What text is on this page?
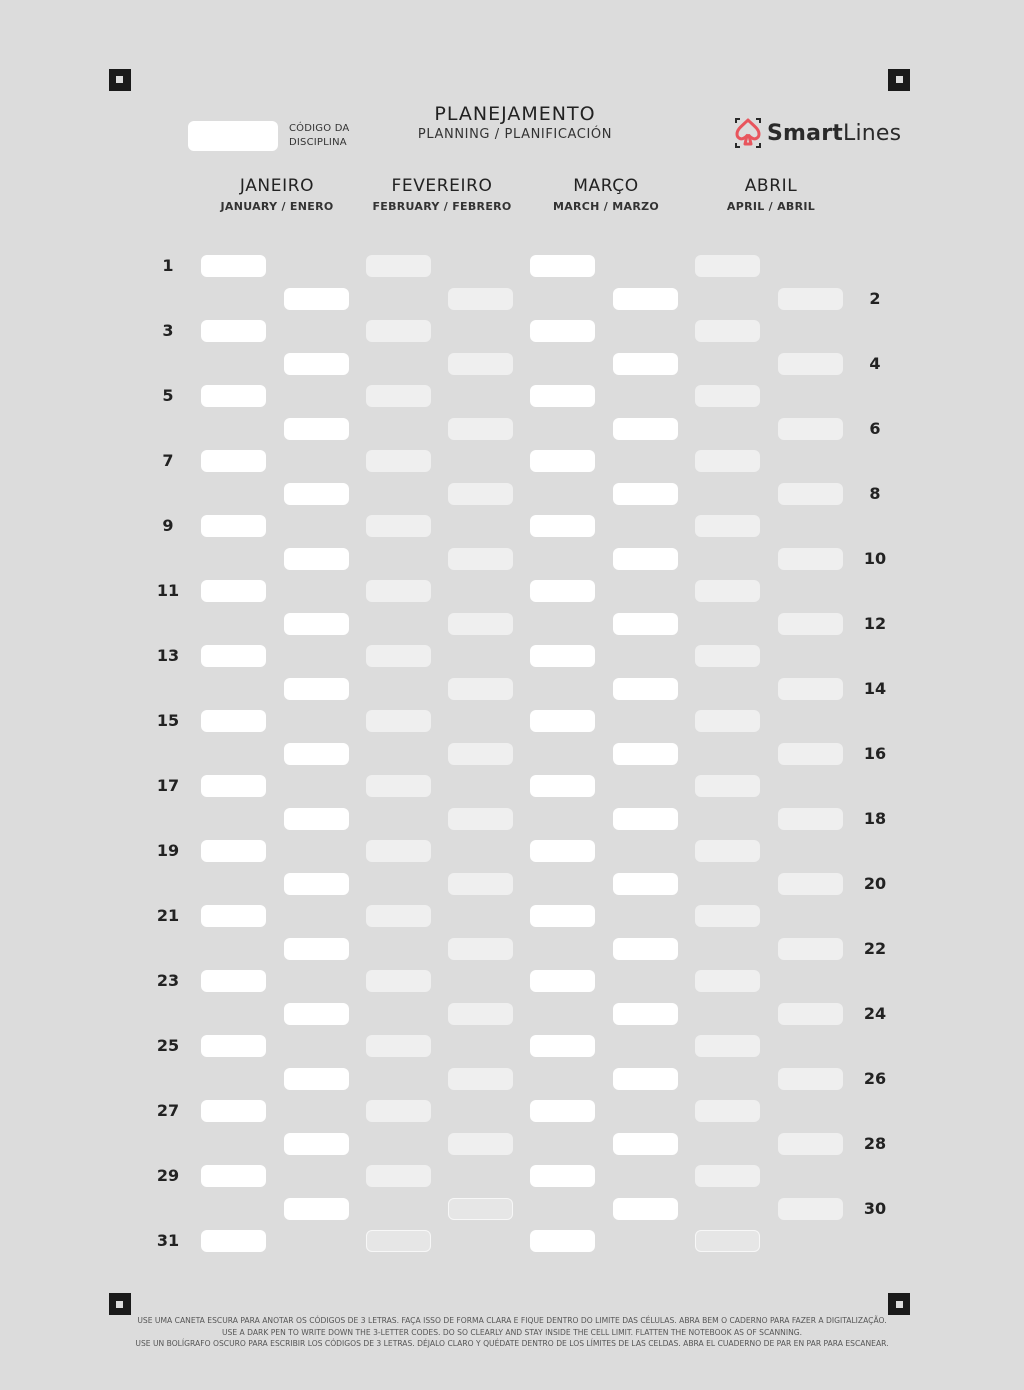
CÓDIGO DA
DISCIPLINA
PLANEJAMENTO
PLANNING / PLANIFICACIÓN	SmartLines
JANEIRO
JANUARY / ENERO
FEVEREIRO
FEBRUARY / FEBRERO
MARÇO
MARCH / MARZO
ABRIL
APRIL / ABRIL
1
2
3
4
5
6
7
8
9
10
11
12
13
14
15
16
17
18
19
20
21
22
23
24
25
26
27
28
29
30
31
USE UMA CANETA ESCURA PARA ANOTAR OS CÓDIGOS DE 3 LETRAS. FAÇA ISSO DE FORMA CLARA E FIQUE DENTRO DO LIMITE DAS CÉLULAS. ABRA BEM O CADERNO PARA FAZER A DIGITALIZAÇÃO.
USE A DARK PEN TO WRITE DOWN THE 3-LETTER CODES. DO SO CLEARLY AND STAY INSIDE THE CELL LIMIT. FLATTEN THE NOTEBOOK AS OF SCANNING.
USE UN BOLÍGRAFO OSCURO PARA ESCRIBIR LOS CÓDIGOS DE 3 LETRAS. DÉJALO CLARO Y QUÉDATE DENTRO DE LOS LÍMITES DE LAS CELDAS. ABRA EL CUADERNO DE PAR EN PAR PARA ESCANEAR.
